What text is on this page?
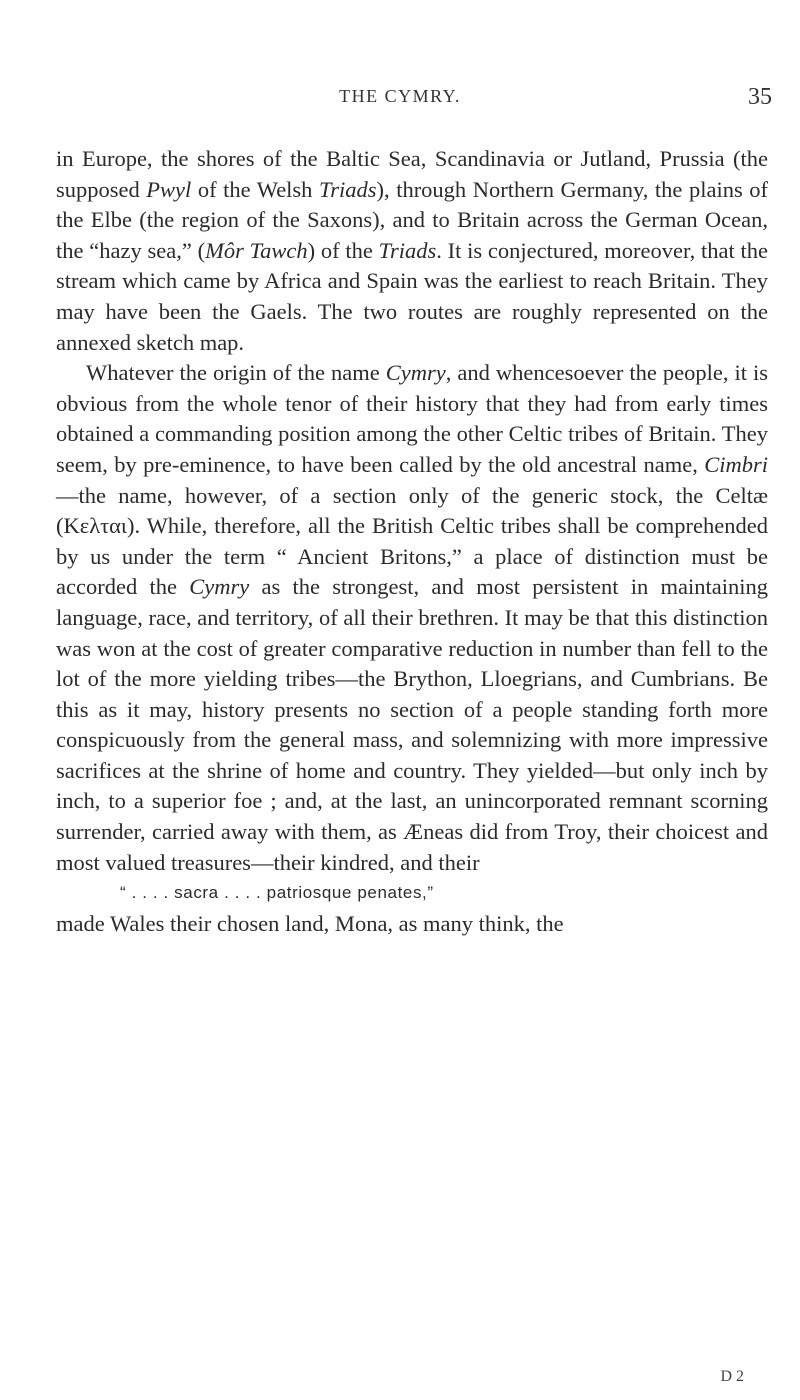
THE CYMRY.	35

in Europe, the shores of the Baltic Sea, Scandinavia or Jutland, Prussia (the supposed Pwyl of the Welsh Triads), through Northern Germany, the plains of the Elbe (the region of the Saxons), and to Britain across the German Ocean, the “hazy sea,” (Môr Tawch) of the Triads. It is conjectured, moreover, that the stream which came by Africa and Spain was the earliest to reach Britain. They may have been the Gaels. The two routes are roughly represented on the annexed sketch map.

Whatever the origin of the name Cymry, and whencesoever the people, it is obvious from the whole tenor of their history that they had from early times obtained a commanding position among the other Celtic tribes of Britain. They seem, by pre-eminence, to have been called by the old ancestral name, Cimbri—the name, however, of a section only of the generic stock, the Celtæ (Κελται). While, therefore, all the British Celtic tribes shall be comprehended by us under the term “ Ancient Britons,” a place of distinction must be accorded the Cymry as the strongest, and most persistent in maintaining language, race, and territory, of all their brethren. It may be that this distinction was won at the cost of greater comparative reduction in number than fell to the lot of the more yielding tribes—the Brython, Lloegrians, and Cumbrians. Be this as it may, history presents no section of a people standing forth more conspicuously from the general mass, and solemnizing with more impressive sacrifices at the shrine of home and country. They yielded—but only inch by inch, to a superior foe ; and, at the last, an unincorporated remnant scorning surrender, carried away with them, as Æneas did from Troy, their choicest and most valued treasures—their kindred, and their

“ . . . . sacra . . . . patriosque penates,”

made Wales their chosen land, Mona, as many think, the

D 2
